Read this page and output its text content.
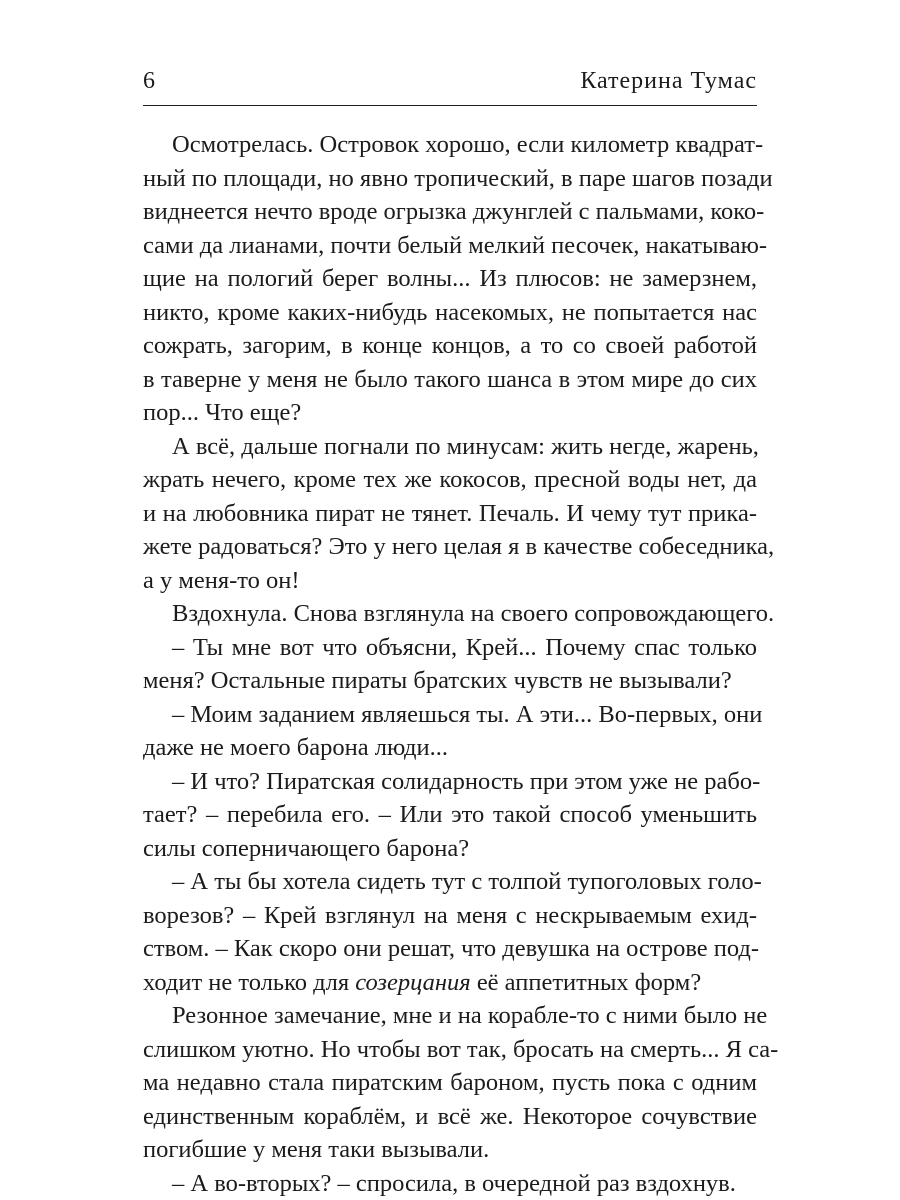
6	Катерина Тумас
Осмотрелась. Островок хорошо, если километр квадрат-
ный по площади, но явно тропический, в паре шагов позади
виднеется нечто вроде огрызка джунглей с пальмами, коко-
сами да лианами, почти белый мелкий песочек, накатываю-
щие на пологий берег волны... Из плюсов: не замерзнем,
никто, кроме каких-нибудь насекомых, не попытается нас
сожрать, загорим, в конце концов, а то со своей работой
в таверне у меня не было такого шанса в этом мире до сих
пор... Что еще?
А всё, дальше погнали по минусам: жить негде, жарень,
жрать нечего, кроме тех же кокосов, пресной воды нет, да
и на любовника пират не тянет. Печаль. И чему тут прика-
жете радоваться? Это у него целая я в качестве собеседника,
а у меня-то он!
Вздохнула. Снова взглянула на своего сопровождающего.
– Ты мне вот что объясни, Крей... Почему спас только
меня? Остальные пираты братских чувств не вызывали?
– Моим заданием являешься ты. А эти... Во-первых, они
даже не моего барона люди...
– И что? Пиратская солидарность при этом уже не рабо-
тает? – перебила его. – Или это такой способ уменьшить
силы соперничающего барона?
– А ты бы хотела сидеть тут с толпой тупоголовых голо-
ворезов? – Крей взглянул на меня с нескрываемым ехид-
ством. – Как скоро они решат, что девушка на острове под-
ходит не только для созерцания её аппетитных форм?
Резонное замечание, мне и на корабле-то с ними было не
слишком уютно. Но чтобы вот так, бросать на смерть... Я са-
ма недавно стала пиратским бароном, пусть пока с одним
единственным кораблём, и всё же. Некоторое сочувствие
погибшие у меня таки вызывали.
– А во-вторых? – спросила, в очередной раз вздохнув.
